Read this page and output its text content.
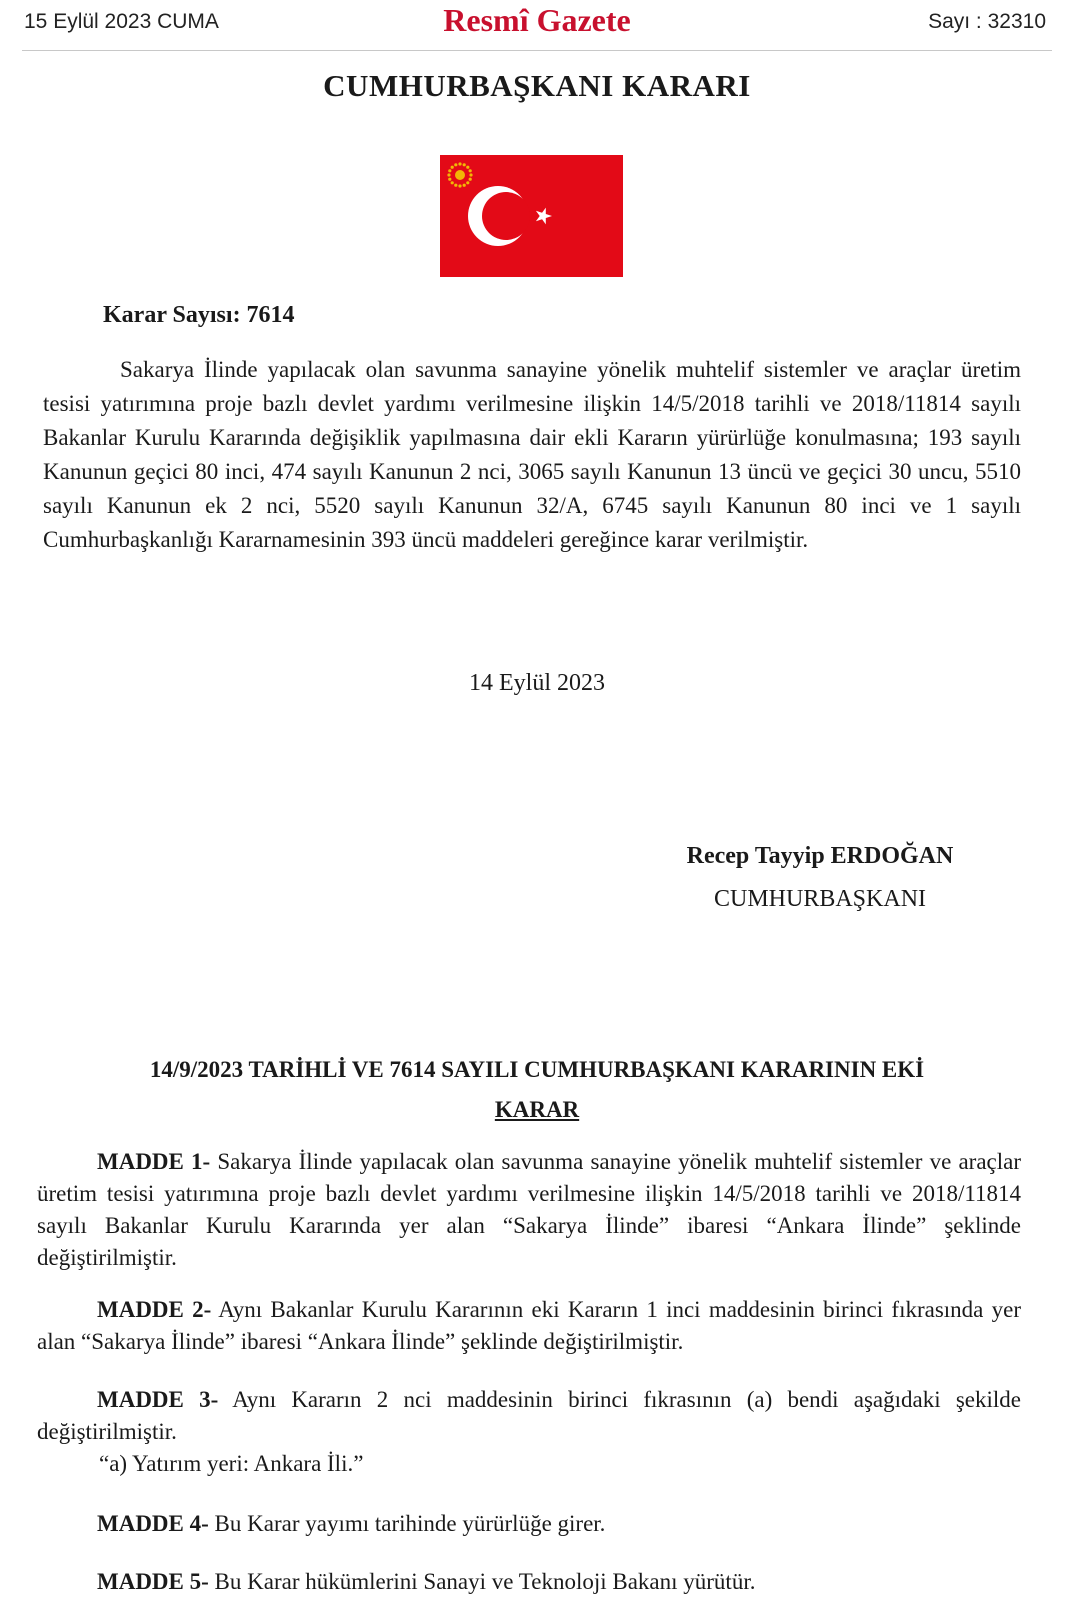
15 Eylül 2023 CUMA	Resmî Gazete	Sayı : 32310
CUMHURBAŞKANI KARARI
Karar Sayısı: 7614
Sakarya İlinde yapılacak olan savunma sanayine yönelik muhtelif sistemler ve araçlar üretim tesisi yatırımına proje bazlı devlet yardımı verilmesine ilişkin 14/5/2018 tarihli ve 2018/11814 sayılı Bakanlar Kurulu Kararında değişiklik yapılmasına dair ekli Kararın yürürlüğe konulmasına; 193 sayılı Kanunun geçici 80 inci, 474 sayılı Kanunun 2 nci, 3065 sayılı Kanunun 13 üncü ve geçici 30 uncu, 5510 sayılı Kanunun ek 2 nci, 5520 sayılı Kanunun 32/A, 6745 sayılı Kanunun 80 inci ve 1 sayılı Cumhurbaşkanlığı Kararnamesinin 393 üncü maddeleri gereğince karar verilmiştir.
14 Eylül 2023
Recep Tayyip ERDOĞAN
CUMHURBAŞKANI
14/9/2023 TARİHLİ VE 7614 SAYILI CUMHURBAŞKANI KARARININ EKİ
KARAR
MADDE 1- Sakarya İlinde yapılacak olan savunma sanayine yönelik muhtelif sistemler ve araçlar üretim tesisi yatırımına proje bazlı devlet yardımı verilmesine ilişkin 14/5/2018 tarihli ve 2018/11814 sayılı Bakanlar Kurulu Kararında yer alan “Sakarya İlinde” ibaresi “Ankara İlinde” şeklinde değiştirilmiştir.
MADDE 2- Aynı Bakanlar Kurulu Kararının eki Kararın 1 inci maddesinin birinci fıkrasında yer alan “Sakarya İlinde” ibaresi “Ankara İlinde” şeklinde değiştirilmiştir.
MADDE 3- Aynı Kararın 2 nci maddesinin birinci fıkrasının (a) bendi aşağıdaki şekilde değiştirilmiştir.
“a) Yatırım yeri: Ankara İli.”
MADDE 4- Bu Karar yayımı tarihinde yürürlüğe girer.
MADDE 5- Bu Karar hükümlerini Sanayi ve Teknoloji Bakanı yürütür.
